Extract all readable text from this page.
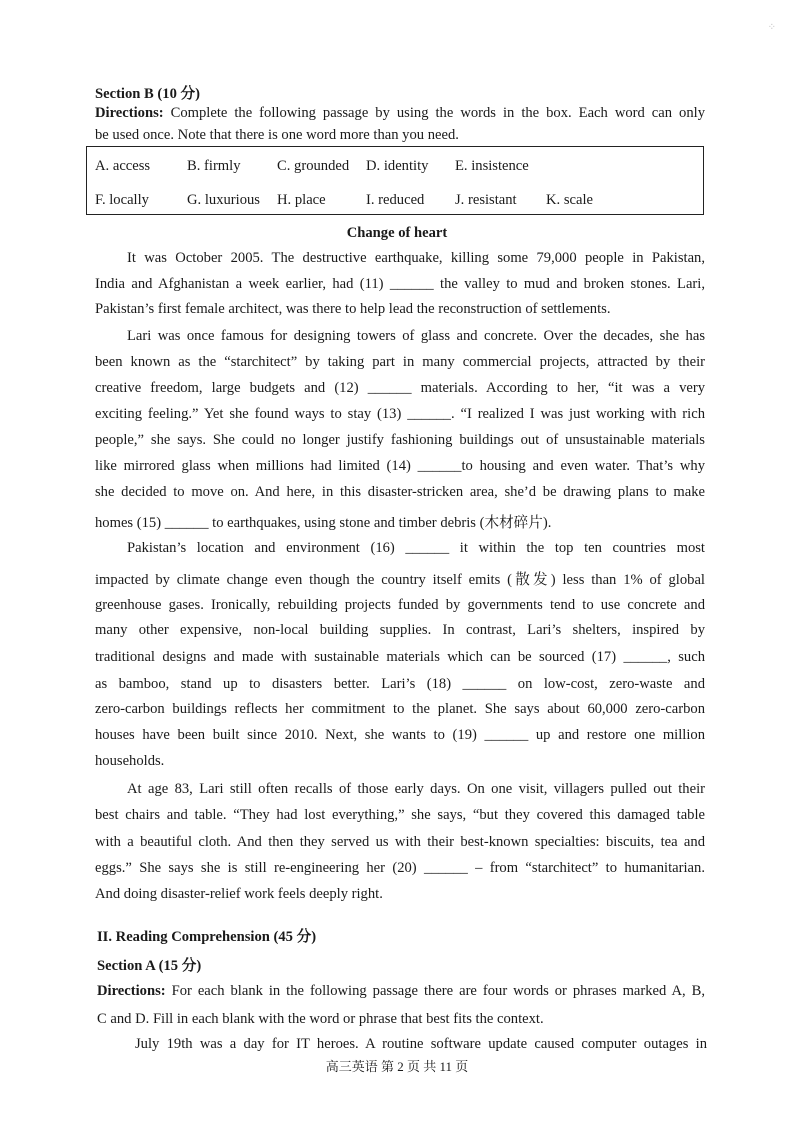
⁘
Section B (10 分)
Directions: Complete the following passage by using the words in the box. Each word can only
be used once. Note that there is one word more than you need.
A. access	B. firmly C. grounded D. identity E. insistence
F. locally	G. luxurious H. place	I. reduced J. resistant K. scale
Change of heart
It was October 2005. The destructive earthquake, killing some 79,000 people in Pakistan,
India and Afghanistan a week earlier, had (11) ______ the valley to mud and broken stones. Lari,
Pakistan’s first female architect, was there to help lead the reconstruction of settlements.
Lari was once famous for designing towers of glass and concrete. Over the decades, she has
been known as the “starchitect” by taking part in many commercial projects, attracted by their
creative freedom, large budgets and (12) ______ materials. According to her, “it was a very
exciting feeling.” Yet she found ways to stay (13) ______. “I realized I was just working with rich
people,” she says. She could no longer justify fashioning buildings out of unsustainable materials
like mirrored glass when millions had limited (14) ______to housing and even water. That’s why
she decided to move on. And here, in this disaster-stricken area, she’d be drawing plans to make
homes (15) ______ to earthquakes, using stone and timber debris (木材碎片).
Pakistan’s location and environment (16) ______ it within the top ten countries most
impacted by climate change even though the country itself emits (散发) less than 1% of global
greenhouse gases. Ironically, rebuilding projects funded by governments tend to use concrete and
many other expensive, non-local building supplies. In contrast, Lari’s shelters, inspired by
traditional designs and made with sustainable materials which can be sourced (17) ______, such
as bamboo, stand up to disasters better. Lari’s (18) ______ on low-cost, zero-waste and
zero-carbon buildings reflects her commitment to the planet. She says about 60,000 zero-carbon
houses have been built since 2010. Next, she wants to (19) ______ up and restore one million
households.
At age 83, Lari still often recalls of those early days. On one visit, villagers pulled out their
best chairs and table. “They had lost everything,” she says, “but they covered this damaged table
with a beautiful cloth. And then they served us with their best-known specialties: biscuits, tea and
eggs.” She says she is still re-engineering her (20) ______ – from “starchitect” to humanitarian.
And doing disaster-relief work feels deeply right.
II. Reading Comprehension (45 分)
Section A (15 分)
Directions: For each blank in the following passage there are four words or phrases marked A, B,
C and D. Fill in each blank with the word or phrase that best fits the context.
July 19th was a day for IT heroes. A routine software update caused computer outages in
高三英语 第 2 页 共 11 页
